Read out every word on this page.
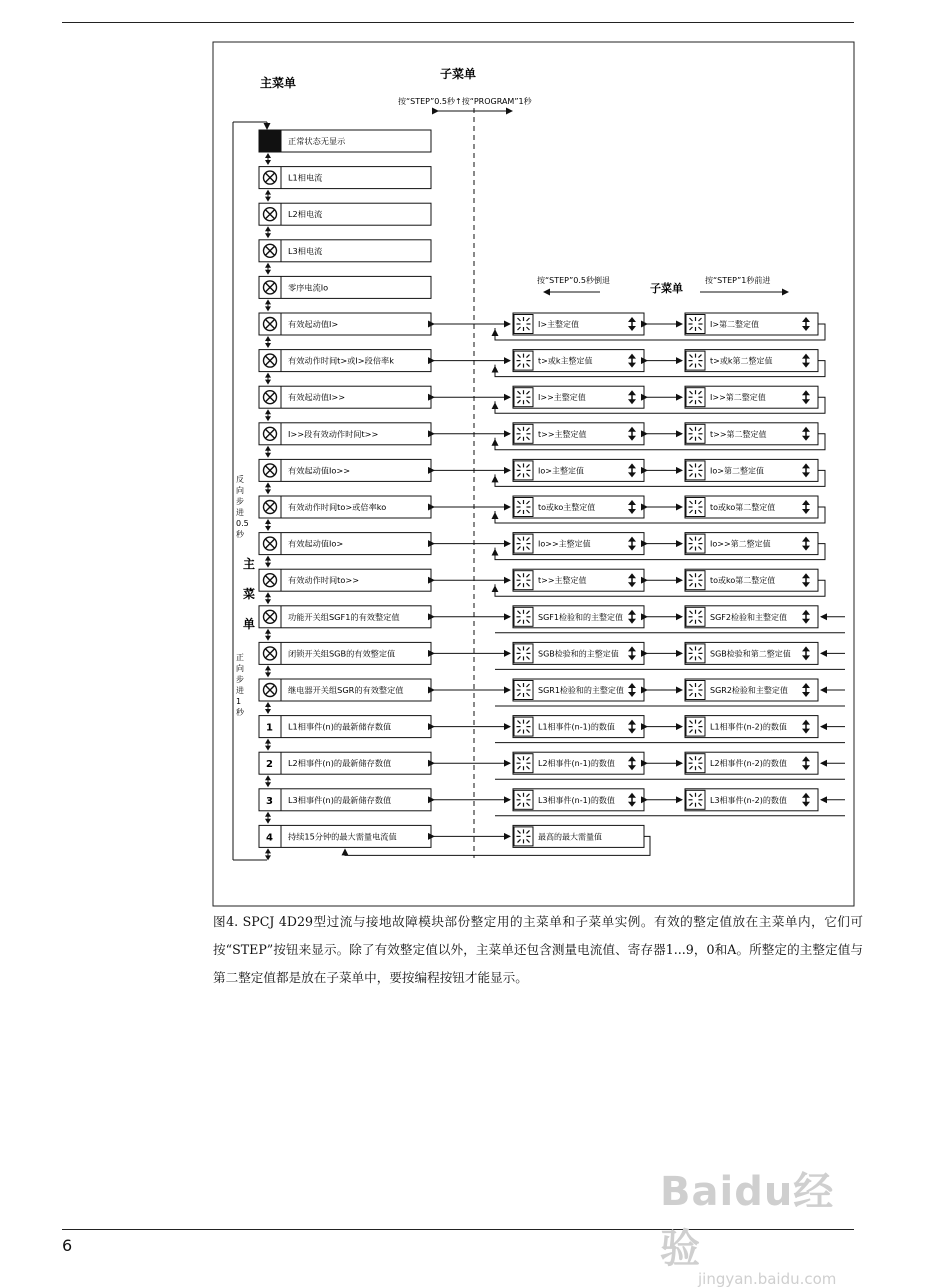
主菜单
子菜单
按“STEP”0.5秒↑按“PROGRAM”1秒
反
向
步
进
0.5
秒
主
菜
单
正
向
步
进
1
秒
按“STEP”0.5秒倒退
子菜单
按“STEP”1秒前进
正常状态无显示
L1相电流
L2相电流
L3相电流
零序电流Io
有效起动值I>	I>主整定值	I>第二整定值
有效动作时间t>或I>段倍率k	t>或k主整定值	t>或k第二整定值
有效起动值I>>	I>>主整定值	I>>第二整定值
I>>段有效动作时间t>>	t>>主整定值	t>>第二整定值
有效起动值Io>>	Io>主整定值	Io>第二整定值
有效动作时间to>或倍率ko	to或ko主整定值	to或ko第二整定值
有效起动值Io>	Io>>主整定值	Io>>第二整定值
有效动作时间to>>	t>>主整定值	to或ko第二整定值
功能开关组SGF1的有效整定值	SGF1检验和的主整定值	SGF2检验和主整定值
闭锁开关组SGB的有效整定值	SGB检验和的主整定值	SGB检验和第二整定值
继电器开关组SGR的有效整定值	SGR1检验和的主整定值	SGR2检验和主整定值
1 L1相事件(n)的最新储存数值	L1相事件(n-1)的数值	L1相事件(n-2)的数值
2 L2相事件(n)的最新储存数值	L2相事件(n-1)的数值	L2相事件(n-2)的数值
3 L3相事件(n)的最新储存数值	L3相事件(n-1)的数值	L3相事件(n-2)的数值
4 持续15分钟的最大需量电流值	最高的最大需量值
图4. SPCJ 4D29型过流与接地故障模块部份整定用的主菜单和子菜单实例。有效的整定值放在主菜单内，它们可按“STEP”按钮来显示。除了有效整定值以外，主菜单还包含测量电流值、寄存器1...9，0和A。所整定的主整定值与第二整定值都是放在子菜单中，要按编程按钮才能显示。
6
Baidu经验
jingyan.baidu.com
